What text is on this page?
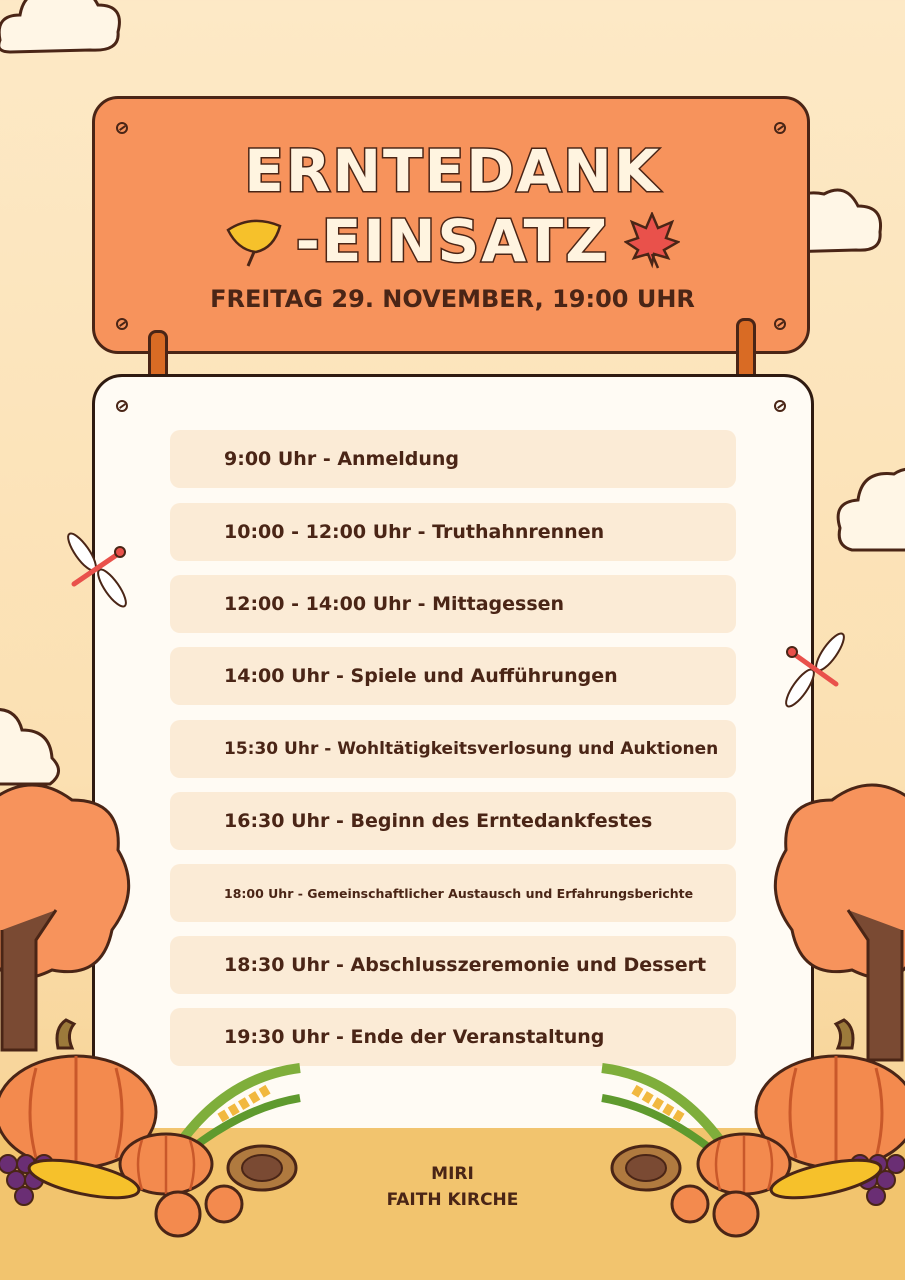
ERNTEDANK
-EINSATZ
FREITAG 29. NOVEMBER, 19:00 UHR
9:00 Uhr - Anmeldung
10:00 - 12:00 Uhr - Truthahnrennen
12:00 - 14:00 Uhr - Mittagessen
14:00 Uhr - Spiele und Aufführungen
15:30 Uhr - Wohltätigkeitsverlosung und Auktionen
16:30 Uhr - Beginn des Erntedankfestes
18:00 Uhr - Gemeinschaftlicher Austausch und Erfahrungsberichte
18:30 Uhr - Abschlusszeremonie und Dessert
19:30 Uhr - Ende der Veranstaltung
MIRI
FAITH KIRCHE
